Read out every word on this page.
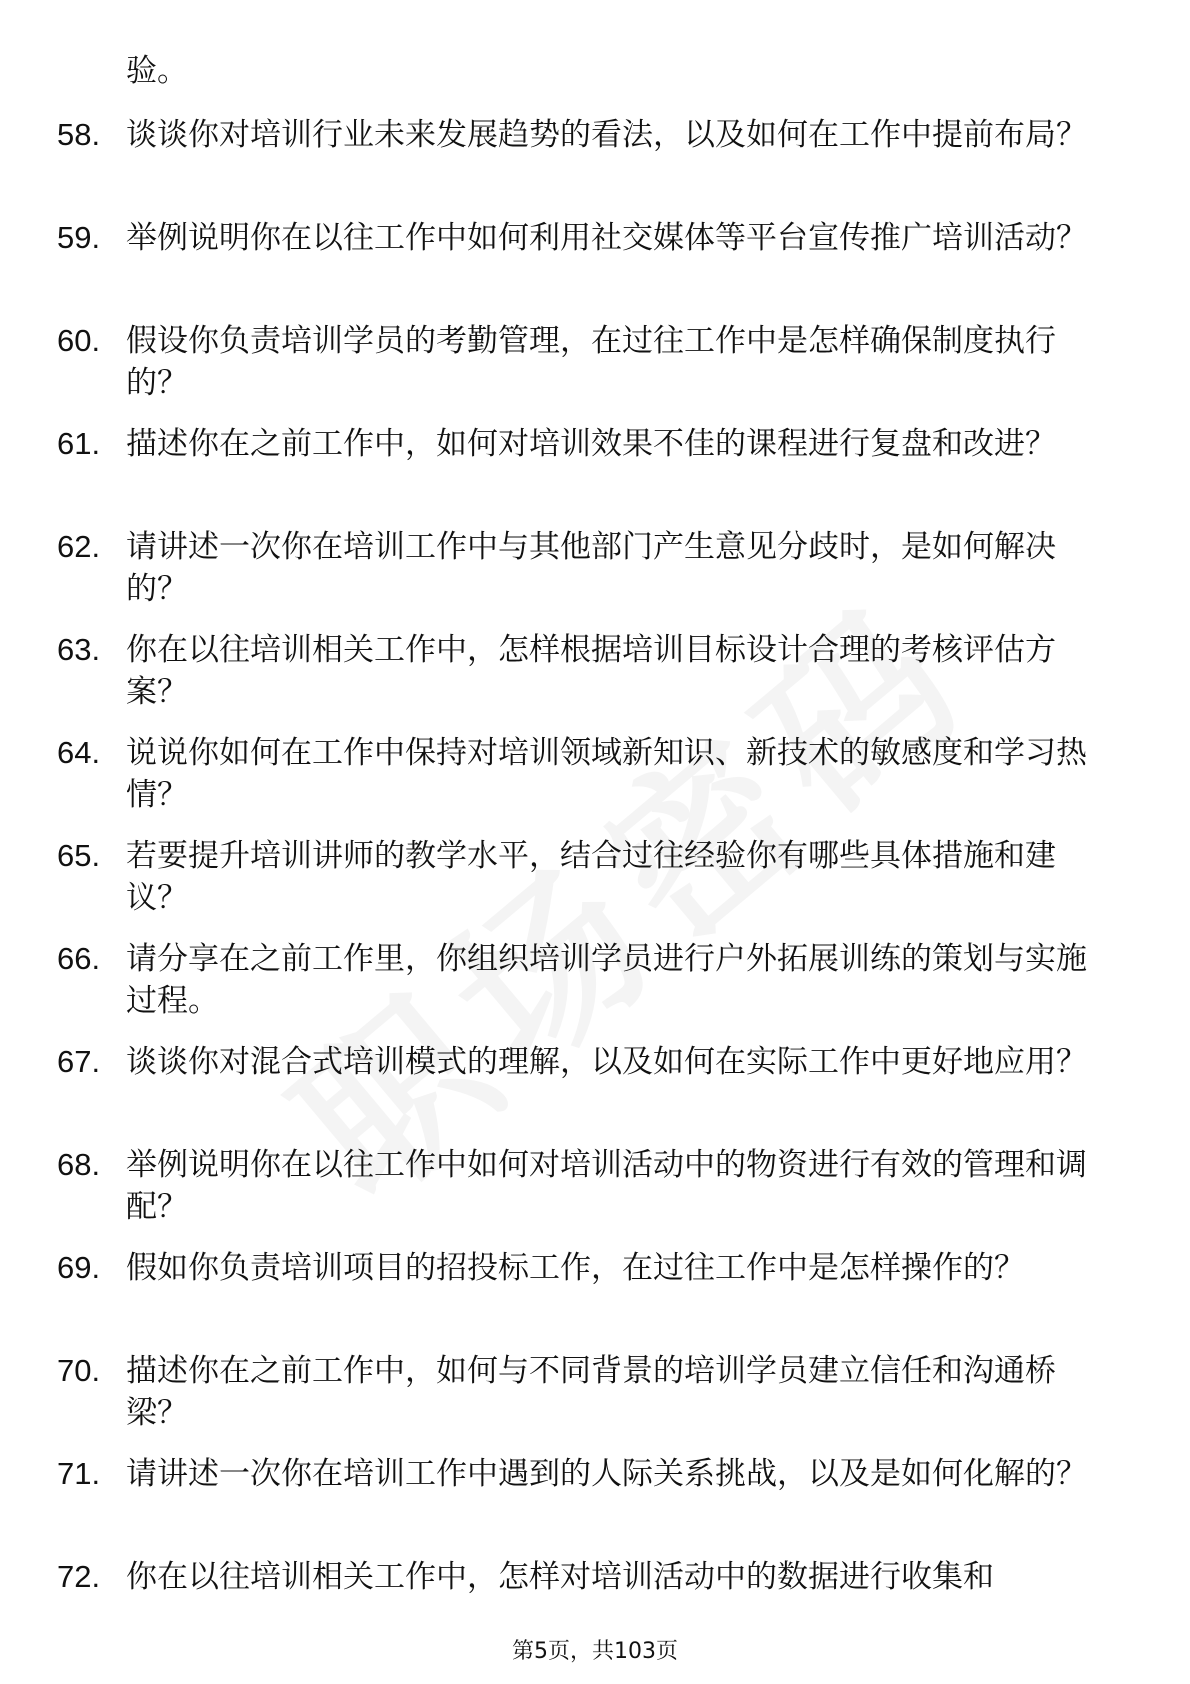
验。
58. 谈谈你对培训行业未来发展趋势的看法，以及如何在工作中提前布局？
59. 举例说明你在以往工作中如何利用社交媒体等平台宣传推广培训活动？
60. 假设你负责培训学员的考勤管理，在过往工作中是怎样确保制度执行的？
61. 描述你在之前工作中，如何对培训效果不佳的课程进行复盘和改进？
62. 请讲述一次你在培训工作中与其他部门产生意见分歧时，是如何解决的？
63. 你在以往培训相关工作中，怎样根据培训目标设计合理的考核评估方案？
64. 说说你如何在工作中保持对培训领域新知识、新技术的敏感度和学习热情？
65. 若要提升培训讲师的教学水平，结合过往经验你有哪些具体措施和建议？
66. 请分享在之前工作里，你组织培训学员进行户外拓展训练的策划与实施过程。
67. 谈谈你对混合式培训模式的理解，以及如何在实际工作中更好地应用？
68. 举例说明你在以往工作中如何对培训活动中的物资进行有效的管理和调配？
69. 假如你负责培训项目的招投标工作，在过往工作中是怎样操作的？
70. 描述你在之前工作中，如何与不同背景的培训学员建立信任和沟通桥梁？
71. 请讲述一次你在培训工作中遇到的人际关系挑战，以及是如何化解的？
72. 你在以往培训相关工作中，怎样对培训活动中的数据进行收集和
第5页，共103页
